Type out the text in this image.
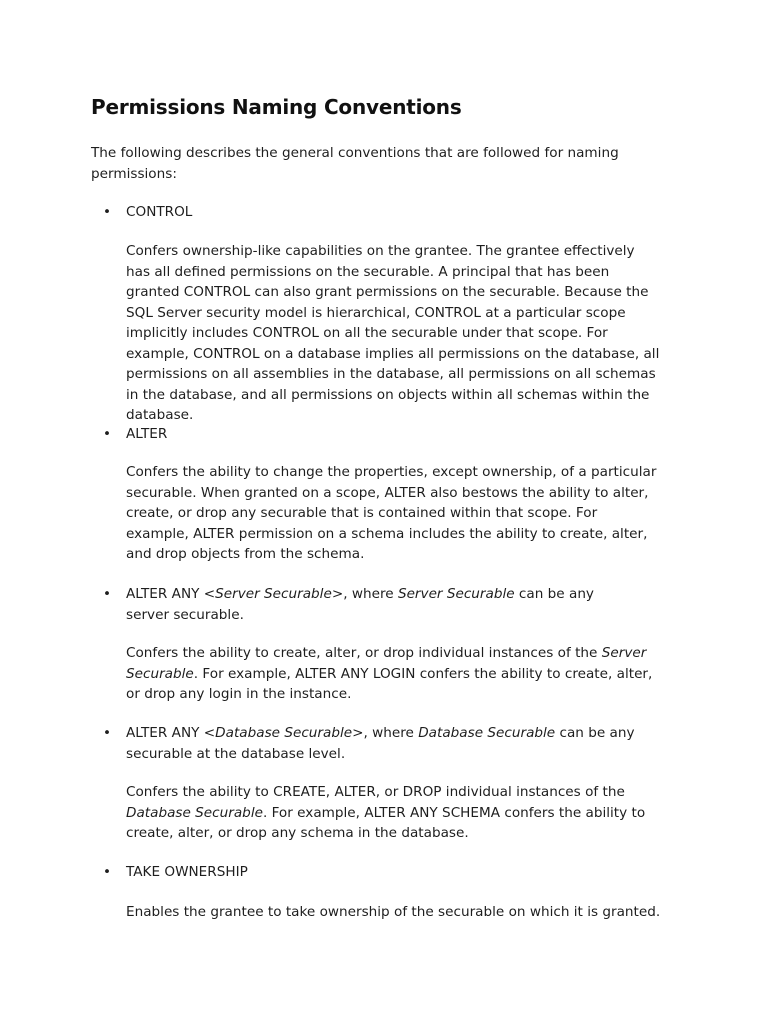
Permissions Naming Conventions

The following describes the general conventions that are followed for naming permissions:

• CONTROL
Confers ownership-like capabilities on the grantee. The grantee effectively has all defined permissions on the securable. A principal that has been granted CONTROL can also grant permissions on the securable. Because the SQL Server security model is hierarchical, CONTROL at a particular scope implicitly includes CONTROL on all the securable under that scope. For example, CONTROL on a database implies all permissions on the database, all permissions on all assemblies in the database, all permissions on all schemas in the database, and all permissions on objects within all schemas within the database.
• ALTER
Confers the ability to change the properties, except ownership, of a particular securable. When granted on a scope, ALTER also bestows the ability to alter, create, or drop any securable that is contained within that scope. For example, ALTER permission on a schema includes the ability to create, alter, and drop objects from the schema.
• ALTER ANY <Server Securable>, where Server Securable can be any server securable.
Confers the ability to create, alter, or drop individual instances of the Server Securable. For example, ALTER ANY LOGIN confers the ability to create, alter, or drop any login in the instance.
• ALTER ANY <Database Securable>, where Database Securable can be any securable at the database level.
Confers the ability to CREATE, ALTER, or DROP individual instances of the Database Securable. For example, ALTER ANY SCHEMA confers the ability to create, alter, or drop any schema in the database.
• TAKE OWNERSHIP
Enables the grantee to take ownership of the securable on which it is granted.
